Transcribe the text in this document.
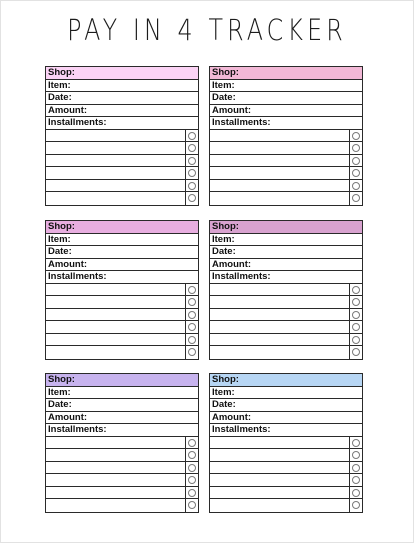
PAY IN 4 TRACKER
Shop:
Item:
Date:
Amount:
Installments:
Shop:
Item:
Date:
Amount:
Installments:
Shop:
Item:
Date:
Amount:
Installments:
Shop:
Item:
Date:
Amount:
Installments:
Shop:
Item:
Date:
Amount:
Installments:
Shop:
Item:
Date:
Amount:
Installments:
